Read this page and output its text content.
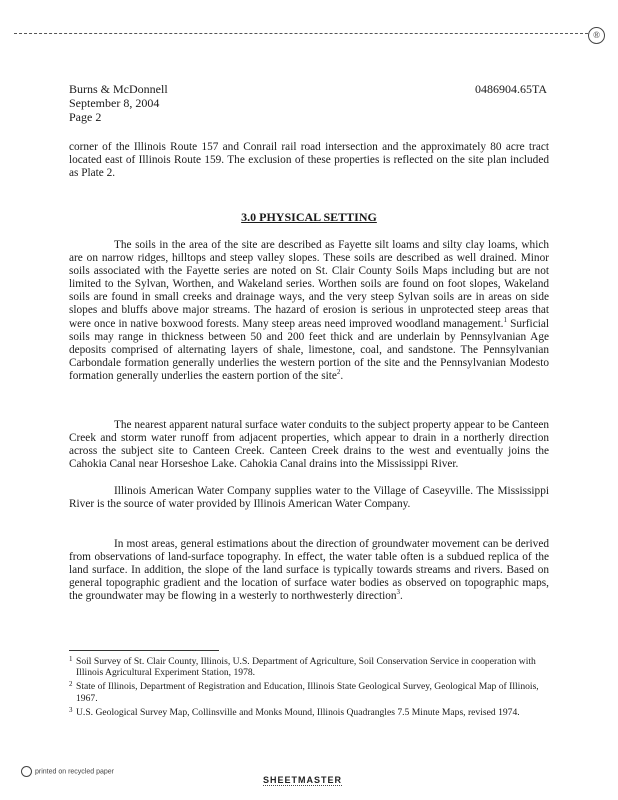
®
Burns & McDonnell
September 8, 2004
Page 2
0486904.65TA
corner of the Illinois Route 157 and Conrail rail road intersection and the approximately 80 acre tract located east of Illinois Route 159. The exclusion of these properties is reflected on the site plan included as Plate 2.
3.0 PHYSICAL SETTING
The soils in the area of the site are described as Fayette silt loams and silty clay loams, which are on narrow ridges, hilltops and steep valley slopes. These soils are described as well drained. Minor soils associated with the Fayette series are noted on St. Clair County Soils Maps including but are not limited to the Sylvan, Worthen, and Wakeland series. Worthen soils are found on foot slopes, Wakeland soils are found in small creeks and drainage ways, and the very steep Sylvan soils are in areas on side slopes and bluffs above major streams. The hazard of erosion is serious in unprotected steep areas that were once in native boxwood forests. Many steep areas need improved woodland management.$^1$ Surficial soils may range in thickness between 50 and 200 feet thick and are underlain by Pennsylvanian Age deposits comprised of alternating layers of shale, limestone, coal, and sandstone. The Pennsylvanian Carbondale formation generally underlies the western portion of the site and the Pennsylvanian Modesto formation generally underlies the eastern portion of the site$^2$.
The nearest apparent natural surface water conduits to the subject property appear to be Canteen Creek and storm water runoff from adjacent properties, which appear to drain in a northerly direction across the subject site to Canteen Creek. Canteen Creek drains to the west and eventually joins the Cahokia Canal near Horseshoe Lake. Cahokia Canal drains into the Mississippi River.
Illinois American Water Company supplies water to the Village of Caseyville. The Mississippi River is the source of water provided by Illinois American Water Company.
In most areas, general estimations about the direction of groundwater movement can be derived from observations of land-surface topography. In effect, the water table often is a subdued replica of the land surface. In addition, the slope of the land surface is typically towards streams and rivers. Based on general topographic gradient and the location of surface water bodies as observed on topographic maps, the groundwater may be flowing in a westerly to northwesterly direction$^3$.
1 Soil Survey of St. Clair County, Illinois, U.S. Department of Agriculture, Soil Conservation Service in cooperation with Illinois Agricultural Experiment Station, 1978.
2 State of Illinois, Department of Registration and Education, Illinois State Geological Survey, Geological Map of Illinois, 1967.
3 U.S. Geological Survey Map, Collinsville and Monks Mound, Illinois Quadrangles 7.5 Minute Maps, revised 1974.
printed on recycled paper
SHEETMASTER
